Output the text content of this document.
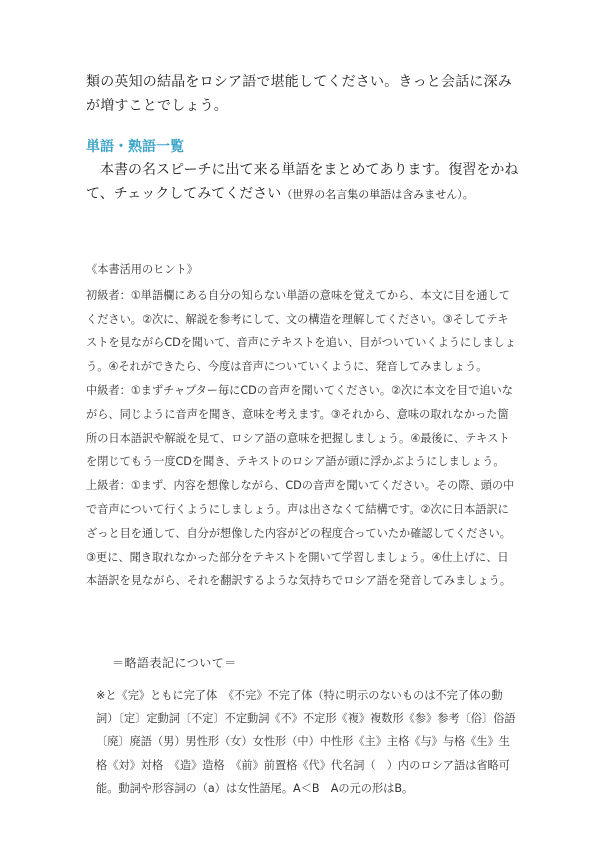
類の英知の結晶をロシア語で堪能してください。きっと会話に深みが増すことでしょう。

単語・熟語一覧

本書の名スピーチに出て来る単語をまとめてあります。復習をかねて、チェックしてみてください（世界の名言集の単語は含みません）。

《本書活用のヒント》

初級者：①単語欄にある自分の知らない単語の意味を覚えてから、本文に目を通してください。②次に、解説を参考にして、文の構造を理解してください。③そしてテキストを見ながらCDを聞いて、音声にテキストを追い、目がついていくようにしましょう。④それができたら、今度は音声についていくように、発音してみましょう。

中級者：①まずチャプター毎にCDの音声を聞いてください。②次に本文を目で追いながら、同じように音声を聞き、意味を考えます。③それから、意味の取れなかった箇所の日本語訳や解説を見て、ロシア語の意味を把握しましょう。④最後に、テキストを閉じてもう一度CDを聞き、テキストのロシア語が頭に浮かぶようにしましょう。

上級者：①まず、内容を想像しながら、CDの音声を聞いてください。その際、頭の中で音声について行くようにしましょう。声は出さなくて結構です。②次に日本語訳にざっと目を通して、自分が想像した内容がどの程度合っていたか確認してください。③更に、聞き取れなかった部分をテキストを開いて学習しましょう。④仕上げに、日本語訳を見ながら、それを翻訳するような気持ちでロシア語を発音してみましょう。

＝略語表記について＝

※と《完》ともに完了体　《不完》不完了体（特に明示のないものは不完了体の動詞）〔定〕定動詞〔不定〕不定動詞《不》不定形《複》複数形《参》参考〔俗〕俗語〔廃〕廃語（男）男性形（女）女性形（中）中性形《主》主格《与》与格《生》生格《対》対格　《造》造格　《前》前置格《代》代名詞（　）内のロシア語は省略可能。動詞や形容詞の（a）は女性語尾。A＜B　Aの元の形はB。
